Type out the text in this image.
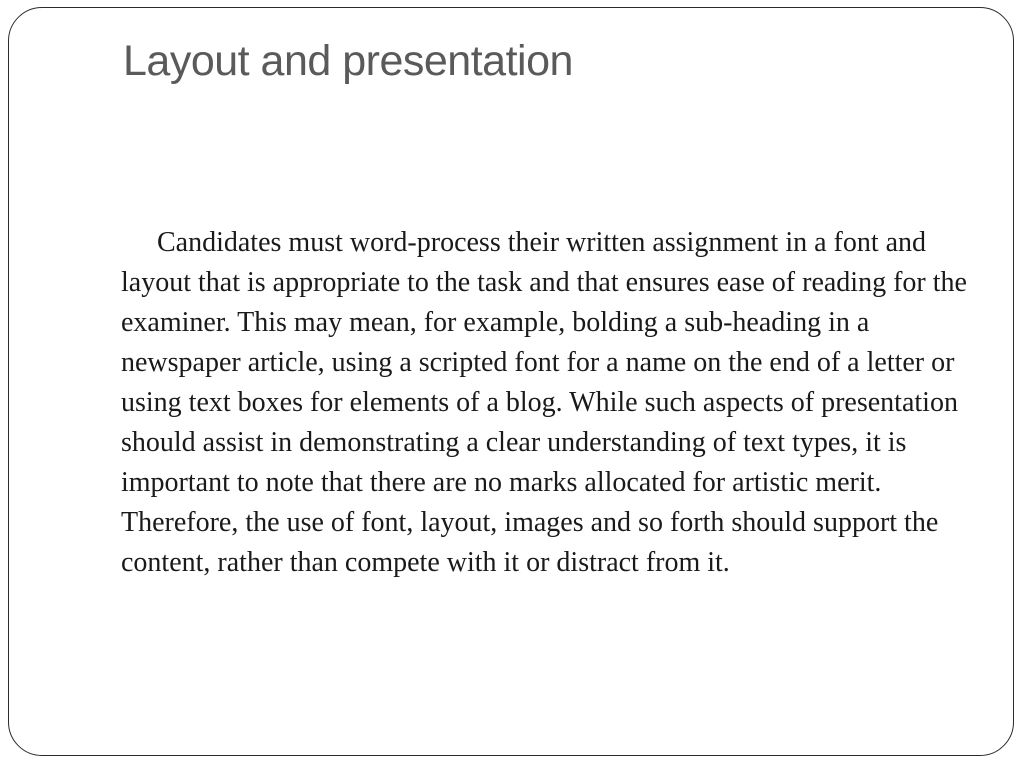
Layout and presentation

Candidates must word-process their written assignment in a font and layout that is appropriate to the task and that ensures ease of reading for the examiner. This may mean, for example, bolding a sub-heading in a newspaper article, using a scripted font for a name on the end of a letter or using text boxes for elements of a blog. While such aspects of presentation should assist in demonstrating a clear understanding of text types, it is important to note that there are no marks allocated for artistic merit. Therefore, the use of font, layout, images and so forth should support the content, rather than compete with it or distract from it.
